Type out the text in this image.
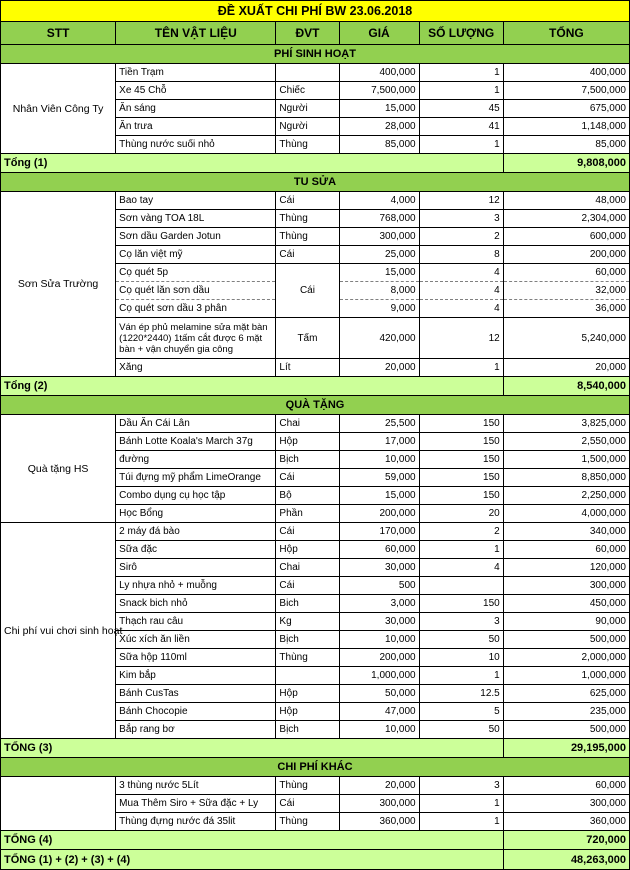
ĐỀ XUẤT CHI PHÍ BW 23.06.2018					
STT	TÊN VẬT LIỆU	ĐVT	GIÁ	SỐ LƯỢNG	TỔNG
PHÍ SINH HOẠT					
Nhân Viên Công Ty	Tiền Trạm		400,000	1	400,000
	Xe 45 Chỗ	Chiếc	7,500,000	1	7,500,000
	Ăn sáng	Người	15,000	45	675,000
	Ăn trưa	Người	28,000	41	1,148,000
	Thùng nước suối nhỏ	Thùng	85,000	1	85,000
Tổng (1)					9,808,000
TU SỬA					
Sơn Sửa Trường	Bao tay	Cái	4,000	12	48,000
	Sơn vàng TOA 18L	Thùng	768,000	3	2,304,000
	Sơn dầu Garden Jotun	Thùng	300,000	2	600,000
	Cọ lăn việt mỹ	Cái	25,000	8	200,000
	Cọ quét 5p	Cái	15,000	4	60,000
	Cọ quét lăn sơn dầu		8,000	4	32,000
	Cọ quét sơn dầu 3 phân		9,000	4	36,000
	Ván ép phủ melamine sửa mặt bàn (1220*2440) 1tấm cắt được 6 mặt bàn + vận chuyển gia công	Tấm	420,000	12	5,240,000
	Xăng	Lít	20,000	1	20,000
Tổng (2)					8,540,000
QUÀ TẶNG					
Quà tặng HS	Dầu Ăn Cái Lân	Chai	25,500	150	3,825,000
	Bánh Lotte Koala's March 37g	Hộp	17,000	150	2,550,000
	đường	Bịch	10,000	150	1,500,000
	Túi đựng mỹ phẩm LimeOrange	Cái	59,000	150	8,850,000
	Combo dụng cụ học tập	Bộ	15,000	150	2,250,000
	Học Bổng	Phần	200,000	20	4,000,000
Chi phí vui chơi sinh hoạt	2 máy đá bào	Cái	170,000	2	340,000
	Sữa đặc	Hộp	60,000	1	60,000
	Sirô	Chai	30,000	4	120,000
	Ly nhựa nhỏ + muỗng	Cái	500		300,000
	Snack bich nhỏ	Bich	3,000	150	450,000
	Thạch rau câu	Kg	30,000	3	90,000
	Xúc xích ăn liền	Bịch	10,000	50	500,000
	Sữa hộp 110ml	Thùng	200,000	10	2,000,000
	Kim bắp		1,000,000	1	1,000,000
	Bánh CusTas	Hộp	50,000	12.5	625,000
	Bánh Chocopie	Hộp	47,000	5	235,000
	Bắp rang bơ	Bịch	10,000	50	500,000
TỔNG (3)					29,195,000
CHI PHÍ KHÁC					
	3 thùng nước 5Lít	Thùng	20,000	3	60,000
	Mua Thêm Siro + Sữa đặc + Ly	Cái	300,000	1	300,000
	Thùng đựng nước đá 35lit	Thùng	360,000	1	360,000
TỔNG (4)					720,000
TỔNG (1) + (2) + (3) + (4)					48,263,000
